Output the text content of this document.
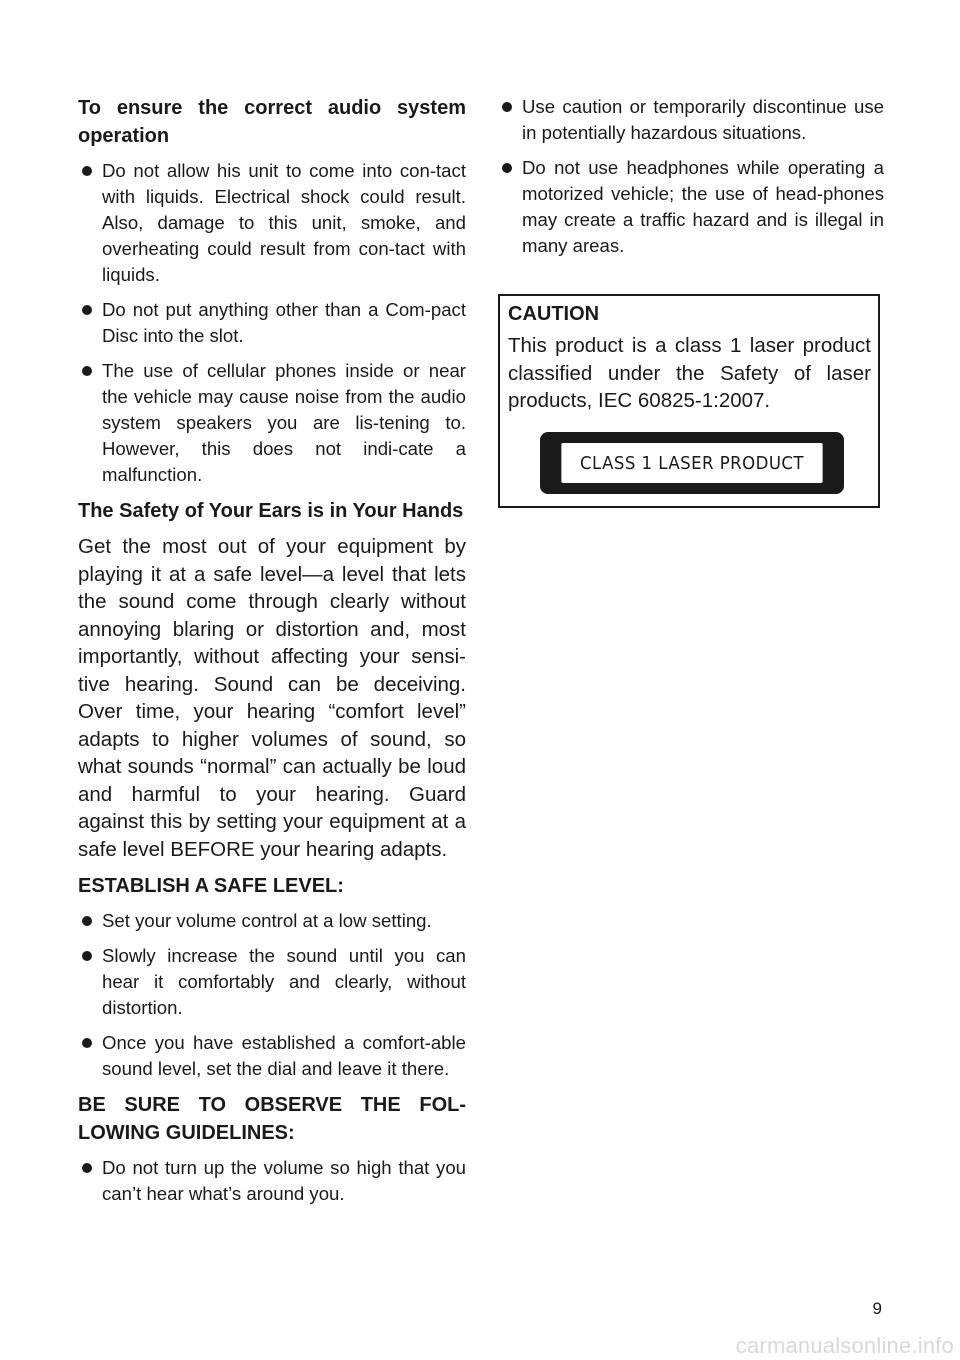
To ensure the correct audio system operation
Do not allow his unit to come into con-tact with liquids. Electrical shock could result. Also, damage to this unit, smoke, and overheating could result from con-tact with liquids.
Do not put anything other than a Com-pact Disc into the slot.
The use of cellular phones inside or near the vehicle may cause noise from the audio system speakers you are lis-tening to. However, this does not indi-cate a malfunction.
The Safety of Your Ears is in Your Hands
Get the most out of your equipment by playing it at a safe level—a level that lets the sound come through clearly without annoying blaring or distortion and, most importantly, without affecting your sensi-tive hearing. Sound can be deceiving. Over time, your hearing “comfort level” adapts to higher volumes of sound, so what sounds “normal” can actually be loud and harmful to your hearing. Guard against this by setting your equipment at a safe level BEFORE your hearing adapts.
ESTABLISH A SAFE LEVEL:
Set your volume control at a low setting.
Slowly increase the sound until you can hear it comfortably and clearly, without distortion.
Once you have established a comfort-able sound level, set the dial and leave it there.
BE SURE TO OBSERVE THE FOL-LOWING GUIDELINES:
Do not turn up the volume so high that you can’t hear what’s around you.
Use caution or temporarily discontinue use in potentially hazardous situations.
Do not use headphones while operating a motorized vehicle; the use of head-phones may create a traffic hazard and is illegal in many areas.
CAUTION
This product is a class 1 laser product classified under the Safety of laser products, IEC 60825-1:2007.
CLASS 1 LASER PRODUCT
9
carmanualsonline.info
